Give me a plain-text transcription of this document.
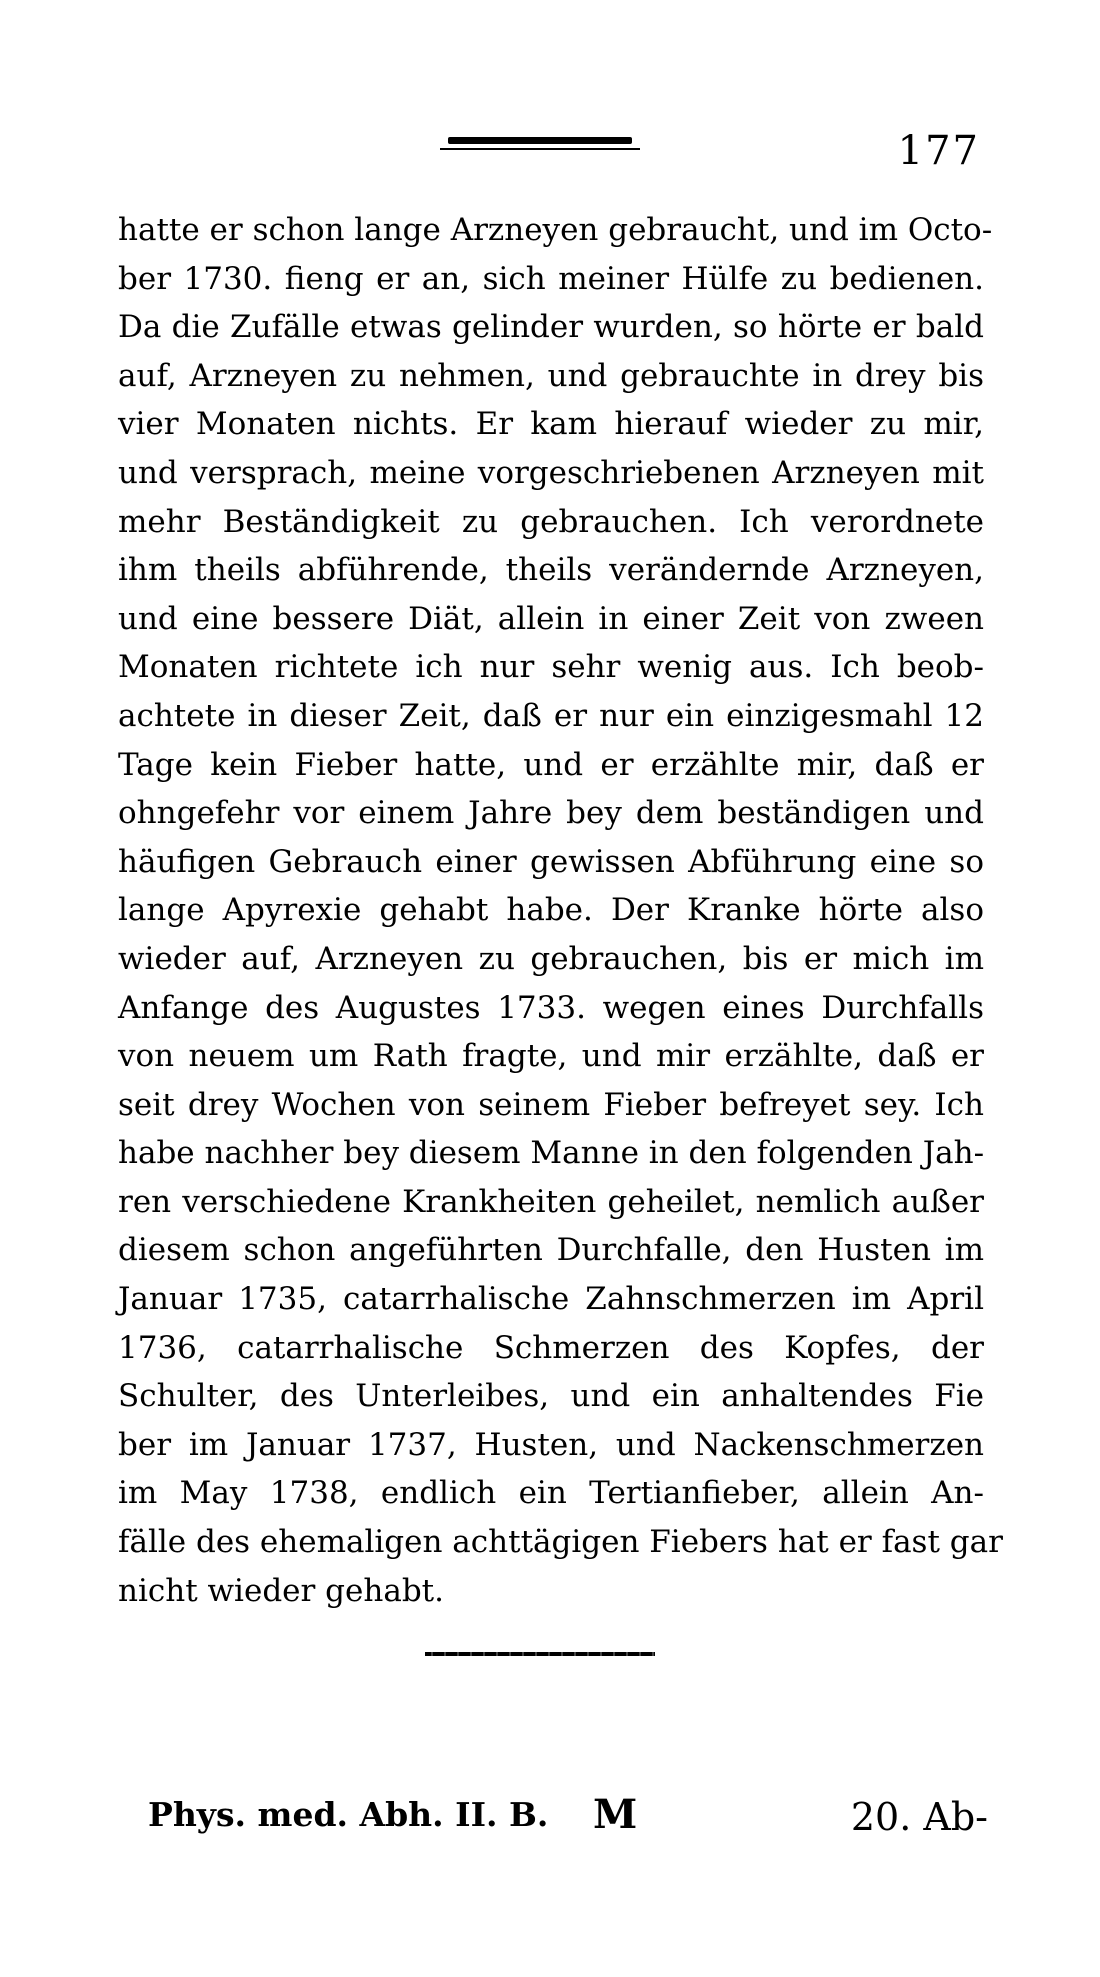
177
hatte er schon lange Arzneyen gebraucht, und im Octo-
ber 1730. fieng er an, sich meiner Hülfe zu bedienen.
Da die Zufälle etwas gelinder wurden, so hörte er bald
auf, Arzneyen zu nehmen, und gebrauchte in drey bis
vier Monaten nichts. Er kam hierauf wieder zu mir,
und versprach, meine vorgeschriebenen Arzneyen mit
mehr Beständigkeit zu gebrauchen. Ich verordnete
ihm theils abführende, theils verändernde Arzneyen,
und eine bessere Diät, allein in einer Zeit von zween
Monaten richtete ich nur sehr wenig aus. Ich beob-
achtete in dieser Zeit, daß er nur ein einzigesmahl 12
Tage kein Fieber hatte, und er erzählte mir, daß er
ohngefehr vor einem Jahre bey dem beständigen und
häufigen Gebrauch einer gewissen Abführung eine so
lange Apyrexie gehabt habe. Der Kranke hörte also
wieder auf, Arzneyen zu gebrauchen, bis er mich im
Anfange des Augustes 1733. wegen eines Durchfalls
von neuem um Rath fragte, und mir erzählte, daß er
seit drey Wochen von seinem Fieber befreyet sey. Ich
habe nachher bey diesem Manne in den folgenden Jah-
ren verschiedene Krankheiten geheilet, nemlich außer
diesem schon angeführten Durchfalle, den Husten im
Januar 1735, catarrhalische Zahnschmerzen im April
1736, catarrhalische Schmerzen des Kopfes, der
Schulter, des Unterleibes, und ein anhaltendes Fie
ber im Januar 1737, Husten, und Nackenschmerzen
im May 1738, endlich ein Tertianfieber, allein An-
fälle des ehemaligen achttägigen Fiebers hat er fast gar
nicht wieder gehabt.
Phys. med. Abh. II. B. M	20. Ab-
